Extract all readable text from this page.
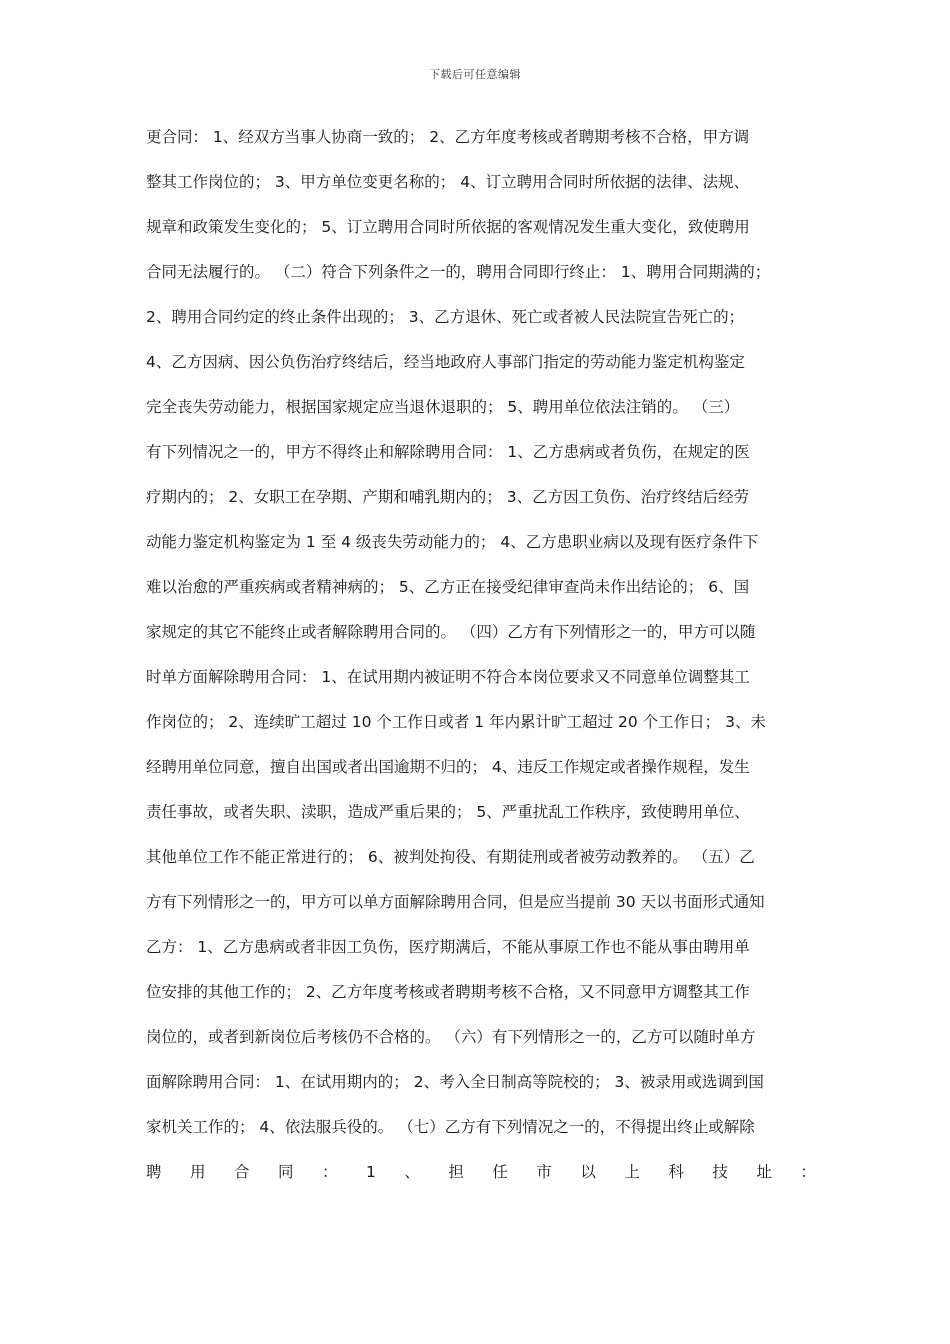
下载后可任意编辑
更合同： 1、经双方当事人协商一致的； 2、乙方年度考核或者聘期考核不合格，甲方调
整其工作岗位的； 3、甲方单位变更名称的； 4、订立聘用合同时所依据的法律、法规、
规章和政策发生变化的； 5、订立聘用合同时所依据的客观情况发生重大变化，致使聘用
合同无法履行的。 （二）符合下列条件之一的，聘用合同即行终止： 1、聘用合同期满的；
2、聘用合同约定的终止条件出现的； 3、乙方退休、死亡或者被人民法院宣告死亡的；
4、乙方因病、因公负伤治疗终结后，经当地政府人事部门指定的劳动能力鉴定机构鉴定
完全丧失劳动能力，根据国家规定应当退休退职的； 5、聘用单位依法注销的。 （三）
有下列情况之一的，甲方不得终止和解除聘用合同： 1、乙方患病或者负伤，在规定的医
疗期内的； 2、女职工在孕期、产期和哺乳期内的； 3、乙方因工负伤、治疗终结后经劳
动能力鉴定机构鉴定为 1 至 4 级丧失劳动能力的； 4、乙方患职业病以及现有医疗条件下
难以治愈的严重疾病或者精神病的； 5、乙方正在接受纪律审查尚未作出结论的； 6、国
家规定的其它不能终止或者解除聘用合同的。 （四）乙方有下列情形之一的，甲方可以随
时单方面解除聘用合同： 1、在试用期内被证明不符合本岗位要求又不同意单位调整其工
作岗位的； 2、连续旷工超过 10 个工作日或者 1 年内累计旷工超过 20 个工作日； 3、未
经聘用单位同意，擅自出国或者出国逾期不归的； 4、违反工作规定或者操作规程，发生
责任事故，或者失职、渎职，造成严重后果的； 5、严重扰乱工作秩序，致使聘用单位、
其他单位工作不能正常进行的； 6、被判处拘役、有期徒刑或者被劳动教养的。 （五）乙
方有下列情形之一的，甲方可以单方面解除聘用合同，但是应当提前 30 天以书面形式通知
乙方： 1、乙方患病或者非因工负伤，医疗期满后，不能从事原工作也不能从事由聘用单
位安排的其他工作的； 2、乙方年度考核或者聘期考核不合格，又不同意甲方调整其工作
岗位的，或者到新岗位后考核仍不合格的。 （六）有下列情形之一的，乙方可以随时单方
面解除聘用合同： 1、在试用期内的； 2、考入全日制高等院校的； 3、被录用或选调到国
家机关工作的； 4、依法服兵役的。 （七）乙方有下列情况之一的，不得提出终止或解除
聘 用 合 同 ： 1 、 担 任 市 以 上 科 技 址 ：
